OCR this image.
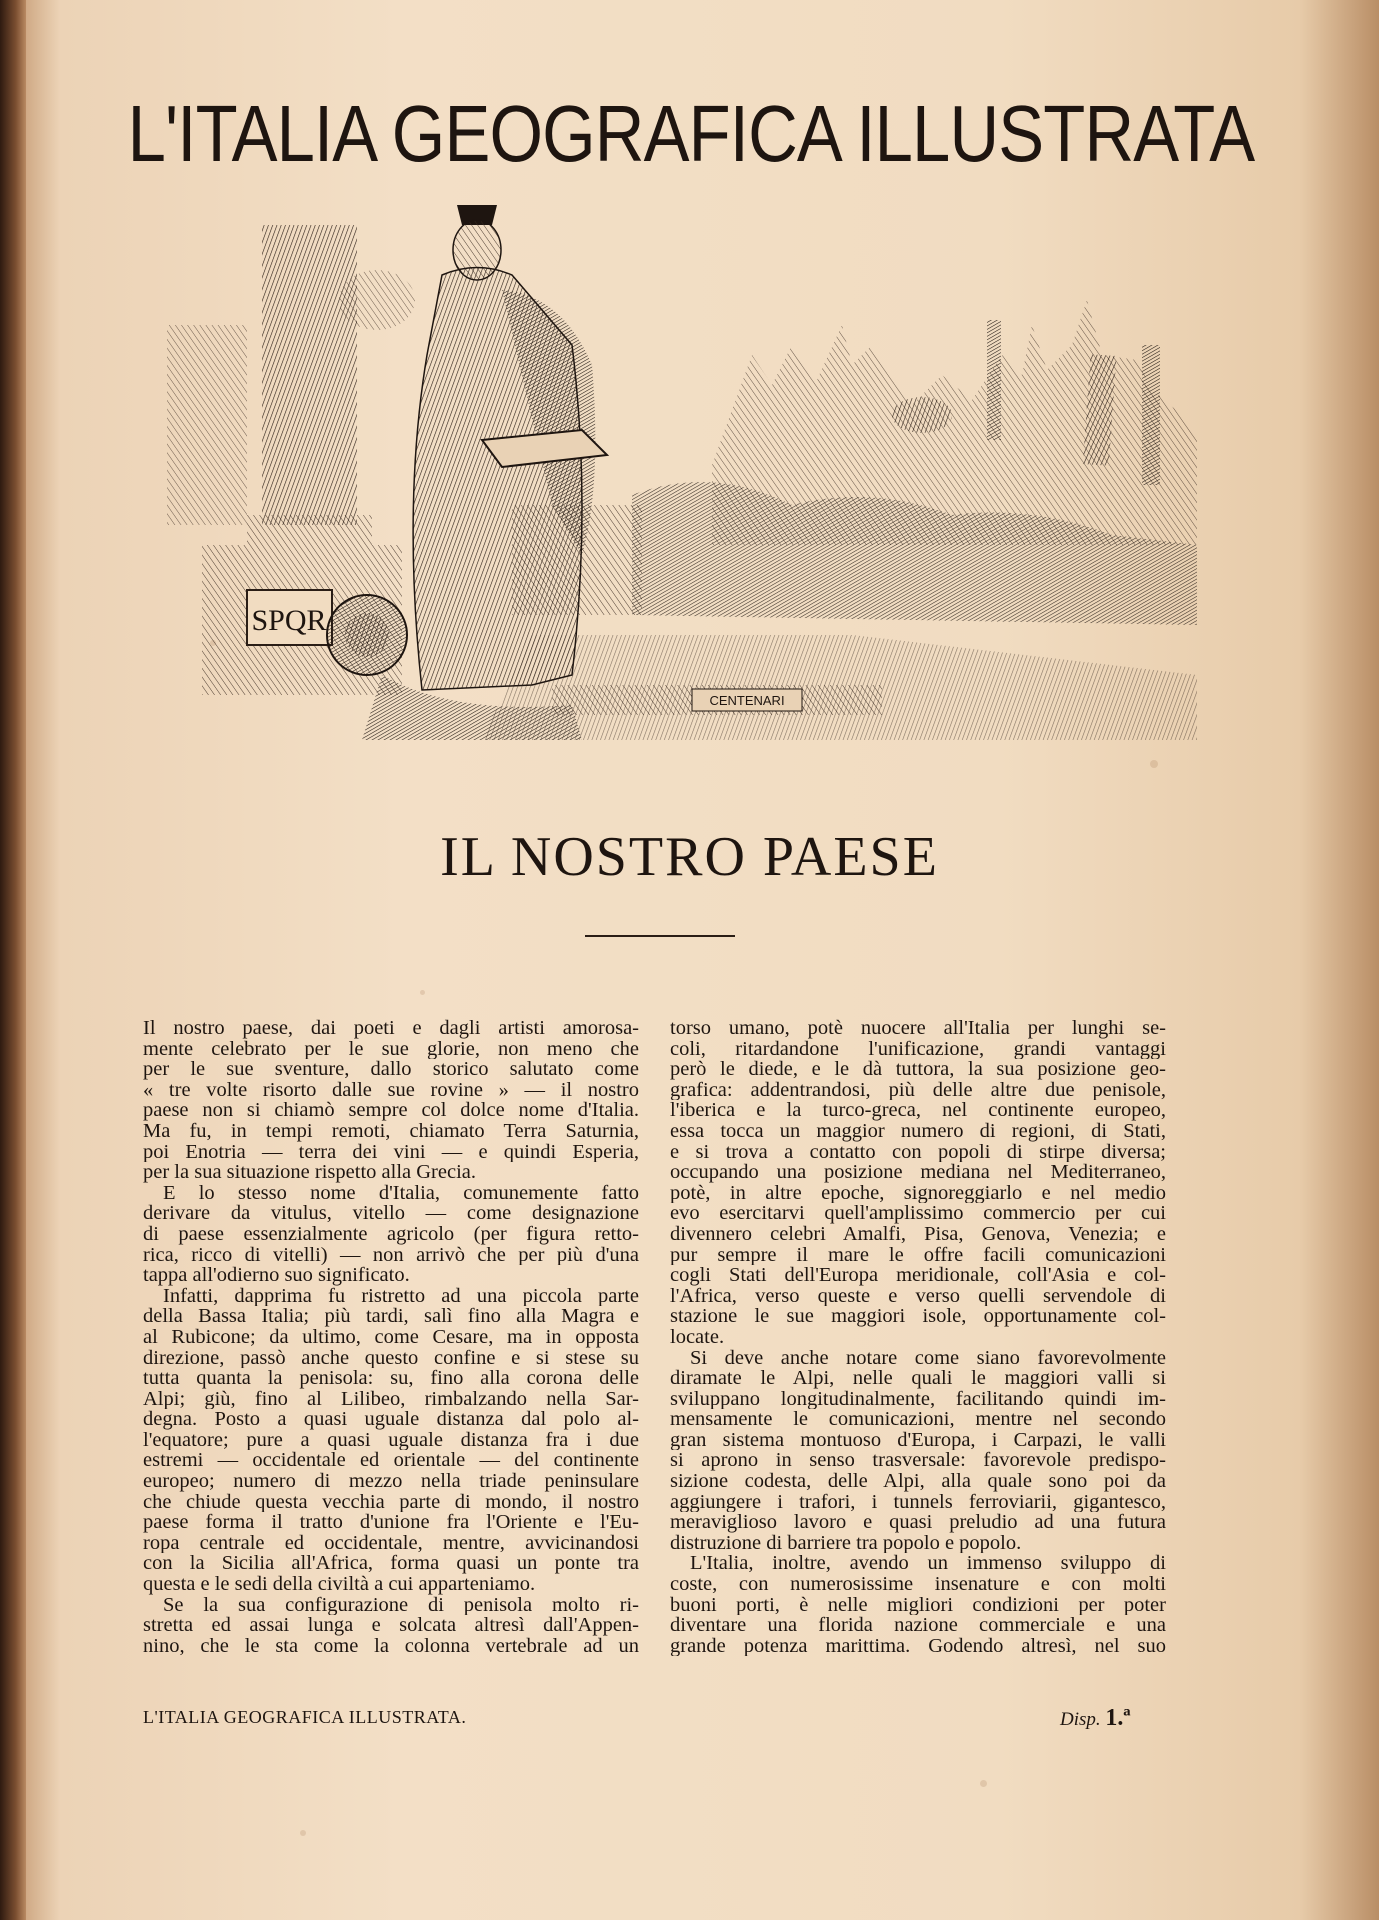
L'ITALIA GEOGRAFICA ILLUSTRATA
SPQR
CENTENARI
IL NOSTRO PAESE
Il nostro paese, dai poeti e dagli artisti amorosa-
mente celebrato per le sue glorie, non meno che
per le sue sventure, dallo storico salutato come
« tre volte risorto dalle sue rovine » — il nostro
paese non si chiamò sempre col dolce nome d'Italia.
Ma fu, in tempi remoti, chiamato Terra Saturnia,
poi Enotria — terra dei vini — e quindi Esperia,
per la sua situazione rispetto alla Grecia.
E lo stesso nome d'Italia, comunemente fatto
derivare da vitulus, vitello — come designazione
di paese essenzialmente agricolo (per figura retto-
rica, ricco di vitelli) — non arrivò che per più d'una
tappa all'odierno suo significato.
Infatti, dapprima fu ristretto ad una piccola parte
della Bassa Italia; più tardi, salì fino alla Magra e
al Rubicone; da ultimo, come Cesare, ma in opposta
direzione, passò anche questo confine e si stese su
tutta quanta la penisola: su, fino alla corona delle
Alpi; giù, fino al Lilibeo, rimbalzando nella Sar-
degna. Posto a quasi uguale distanza dal polo al-
l'equatore; pure a quasi uguale distanza fra i due
estremi — occidentale ed orientale — del continente
europeo; numero di mezzo nella triade peninsulare
che chiude questa vecchia parte di mondo, il nostro
paese forma il tratto d'unione fra l'Oriente e l'Eu-
ropa centrale ed occidentale, mentre, avvicinandosi
con la Sicilia all'Africa, forma quasi un ponte tra
questa e le sedi della civiltà a cui apparteniamo.
Se la sua configurazione di penisola molto ri-
stretta ed assai lunga e solcata altresì dall'Appen-
nino, che le sta come la colonna vertebrale ad un
torso umano, potè nuocere all'Italia per lunghi se-
coli, ritardandone l'unificazione, grandi vantaggi
però le diede, e le dà tuttora, la sua posizione geo-
grafica: addentrandosi, più delle altre due penisole,
l'iberica e la turco-greca, nel continente europeo,
essa tocca un maggior numero di regioni, di Stati,
e si trova a contatto con popoli di stirpe diversa;
occupando una posizione mediana nel Mediterraneo,
potè, in altre epoche, signoreggiarlo e nel medio
evo esercitarvi quell'amplissimo commercio per cui
divennero celebri Amalfi, Pisa, Genova, Venezia; e
pur sempre il mare le offre facili comunicazioni
cogli Stati dell'Europa meridionale, coll'Asia e col-
l'Africa, verso queste e verso quelli servendole di
stazione le sue maggiori isole, opportunamente col-
locate.
Si deve anche notare come siano favorevolmente
diramate le Alpi, nelle quali le maggiori valli si
sviluppano longitudinalmente, facilitando quindi im-
mensamente le comunicazioni, mentre nel secondo
gran sistema montuoso d'Europa, i Carpazi, le valli
si aprono in senso trasversale: favorevole predispo-
sizione codesta, delle Alpi, alla quale sono poi da
aggiungere i trafori, i tunnels ferroviarii, gigantesco,
meraviglioso lavoro e quasi preludio ad una futura
distruzione di barriere tra popolo e popolo.
L'Italia, inoltre, avendo un immenso sviluppo di
coste, con numerosissime insenature e con molti
buoni porti, è nelle migliori condizioni per poter
diventare una florida nazione commerciale e una
grande potenza marittima. Godendo altresì, nel suo
L'ITALIA GEOGRAFICA ILLUSTRATA.	Disp. 1.ª
